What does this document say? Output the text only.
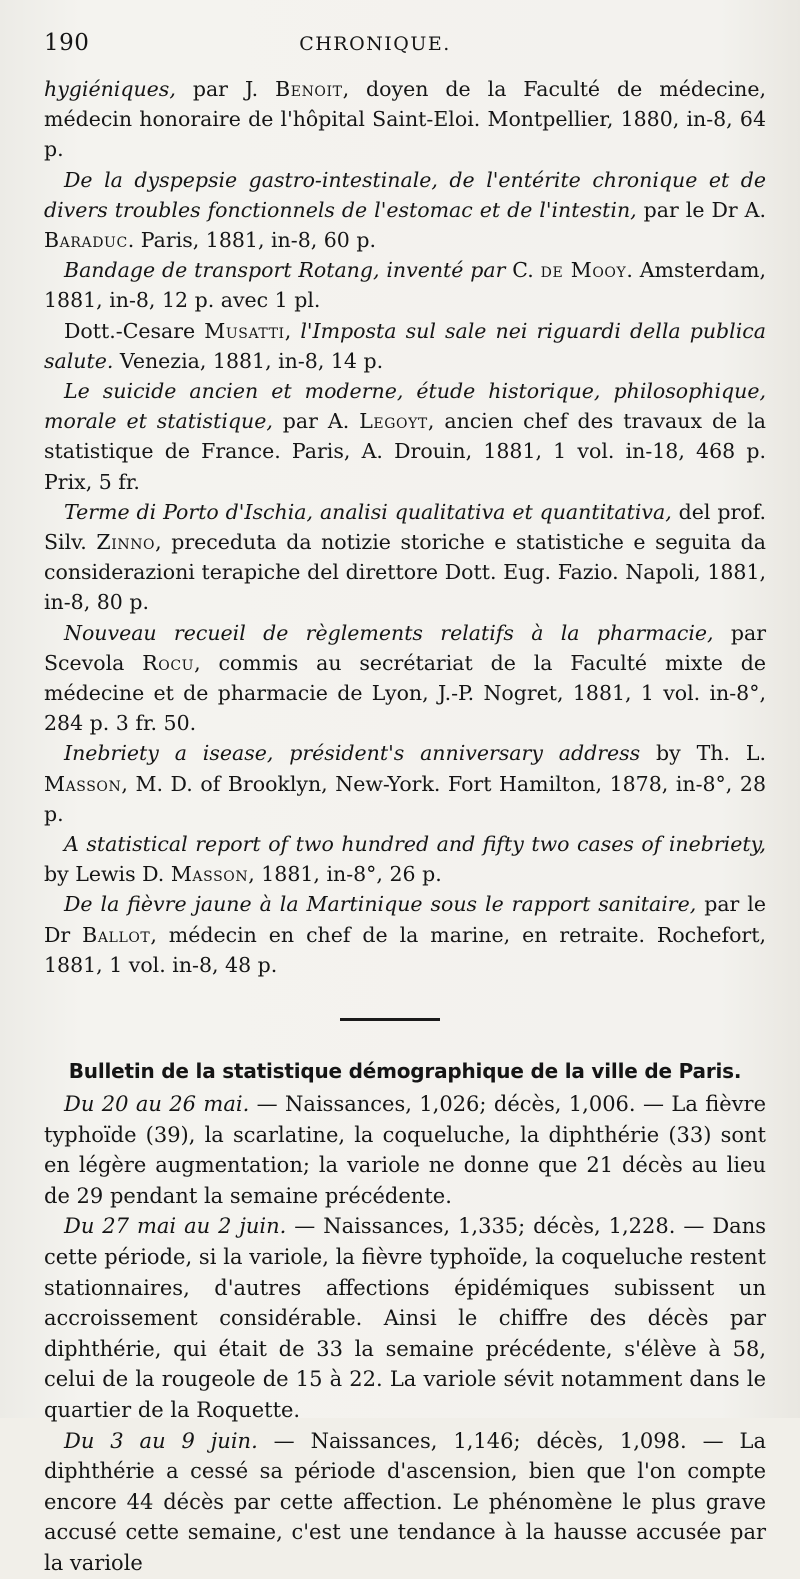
190	CHRONIQUE.

hygiéniques, par J. Benoit, doyen de la Faculté de médecine, médecin honoraire de l'hôpital Saint-Eloi. Montpellier, 1880, in-8, 64 p.

De la dyspepsie gastro-intestinale, de l'entérite chronique et de divers troubles fonctionnels de l'estomac et de l'intestin, par le Dr A. Baraduc. Paris, 1881, in-8, 60 p.

Bandage de transport Rotang, inventé par C. de Mooy. Amsterdam, 1881, in-8, 12 p. avec 1 pl.

Dott.-Cesare Musatti, l'Imposta sul sale nei riguardi della publica salute. Venezia, 1881, in-8, 14 p.

Le suicide ancien et moderne, étude historique, philosophique, morale et statistique, par A. Legoyt, ancien chef des travaux de la statistique de France. Paris, A. Drouin, 1881, 1 vol. in-18, 468 p. Prix, 5 fr.

Terme di Porto d'Ischia, analisi qualitativa et quantitativa, del prof. Silv. Zinno, preceduta da notizie storiche e statistiche e seguita da considerazioni terapiche del direttore Dott. Eug. Fazio. Napoli, 1881, in-8, 80 p.

Nouveau recueil de règlements relatifs à la pharmacie, par Scevola Rocu, commis au secrétariat de la Faculté mixte de médecine et de pharmacie de Lyon, J.-P. Nogret, 1881, 1 vol. in-8°, 284 p. 3 fr. 50.

Inebriety a isease, président's anniversary address by Th. L. Masson, M. D. of Brooklyn, New-York. Fort Hamilton, 1878, in-8°, 28 p.

A statistical report of two hundred and fifty two cases of inebriety, by Lewis D. Masson, 1881, in-8°, 26 p.

De la fièvre jaune à la Martinique sous le rapport sanitaire, par le Dr Ballot, médecin en chef de la marine, en retraite. Rochefort, 1881, 1 vol. in-8, 48 p.

Bulletin de la statistique démographique de la ville de Paris.

Du 20 au 26 mai. — Naissances, 1,026; décès, 1,006. — La fièvre typhoïde (39), la scarlatine, la coqueluche, la diphthérie (33) sont en légère augmentation; la variole ne donne que 21 décès au lieu de 29 pendant la semaine précédente.

Du 27 mai au 2 juin. — Naissances, 1,335; décès, 1,228. — Dans cette période, si la variole, la fièvre typhoïde, la coqueluche restent stationnaires, d'autres affections épidémiques subissent un accroissement considérable. Ainsi le chiffre des décès par diphthérie, qui était de 33 la semaine précédente, s'élève à 58, celui de la rougeole de 15 à 22. La variole sévit notamment dans le quartier de la Roquette.

Du 3 au 9 juin. — Naissances, 1,146; décès, 1,098. — La diphthérie a cessé sa période d'ascension, bien que l'on compte encore 44 décès par cette affection. Le phénomène le plus grave accusé cette semaine, c'est une tendance à la hausse accusée par la variole
